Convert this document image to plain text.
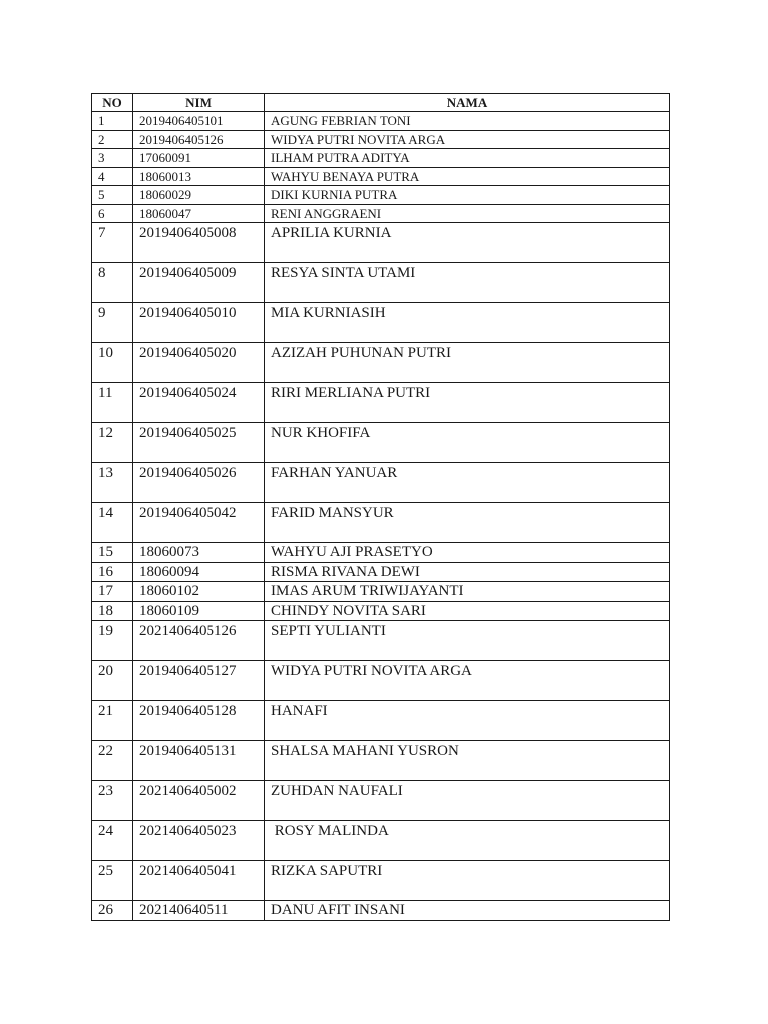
NO	NIM	NAMA
1	2019406405101	AGUNG FEBRIAN TONI
2	2019406405126	WIDYA PUTRI NOVITA ARGA
3	17060091	ILHAM PUTRA ADITYA
4	18060013	WAHYU BENAYA PUTRA
5	18060029	DIKI KURNIA PUTRA
6	18060047	RENI ANGGRAENI
7	2019406405008	APRILIA KURNIA
8	2019406405009	RESYA SINTA UTAMI
9	2019406405010	MIA KURNIASIH
10	2019406405020	AZIZAH PUHUNAN PUTRI
11	2019406405024	RIRI MERLIANA PUTRI
12	2019406405025	NUR KHOFIFA
13	2019406405026	FARHAN YANUAR
14	2019406405042	FARID MANSYUR
15	18060073	WAHYU AJI PRASETYO
16	18060094	RISMA RIVANA DEWI
17	18060102	IMAS ARUM TRIWIJAYANTI
18	18060109	CHINDY NOVITA SARI
19	2021406405126	SEPTI YULIANTI
20	2019406405127	WIDYA PUTRI NOVITA ARGA
21	2019406405128	HANAFI
22	2019406405131	SHALSA MAHANI YUSRON
23	2021406405002	ZUHDAN NAUFALI
24	2021406405023	ROSY MALINDA
25	2021406405041	RIZKA SAPUTRI
26	202140640511	DANU AFIT INSANI
